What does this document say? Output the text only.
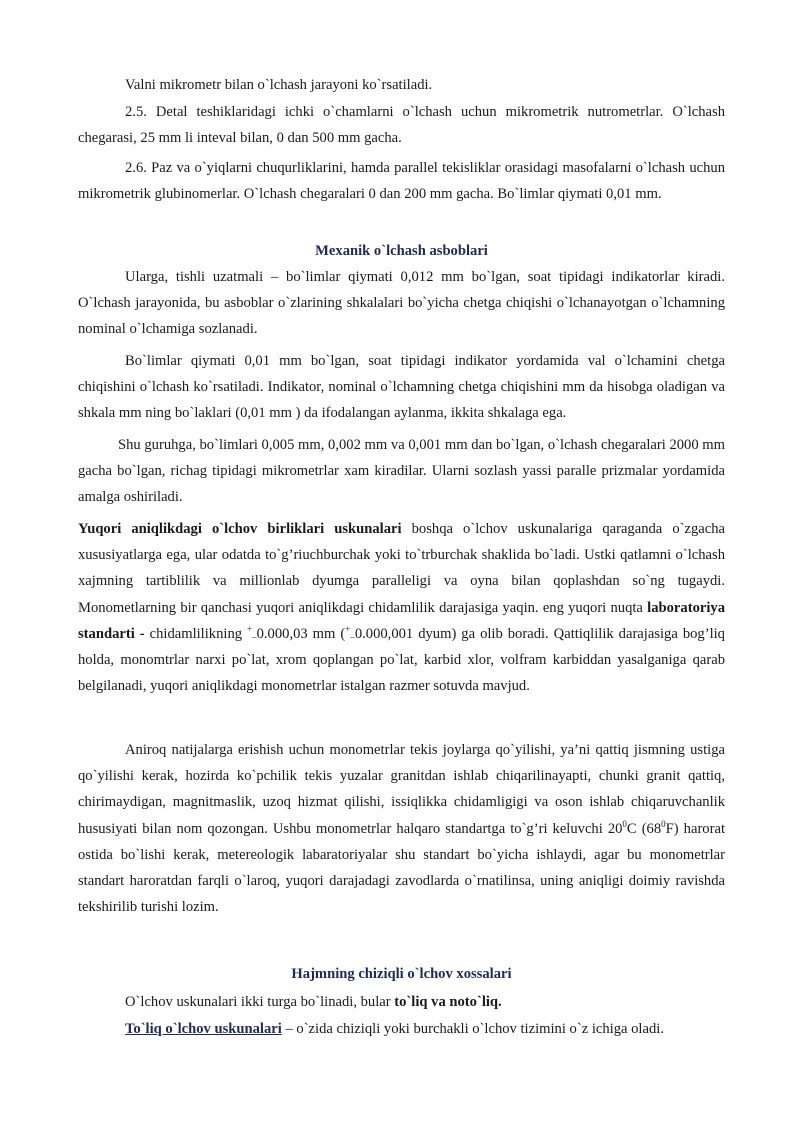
Valni mikrometr bilan o`lchash jarayoni ko`rsatiladi.

2.5. Detal teshiklaridagi ichki o`chamlarni o`lchash uchun mikrometrik nutrometrlar. O`lchash chegarasi, 25 mm li inteval bilan, 0 dan 500 mm gacha.

2.6. Paz va o`yiqlarni chuqurliklarini, hamda parallel tekisliklar orasidagi masofalarni o`lchash uchun mikrometrik glubinomerlar. O`lchash chegaralari 0 dan 200 mm gacha. Bo`limlar qiymati 0,01 mm.

Mexanik o`lchash asboblari

Ularga, tishli uzatmali – bo`limlar qiymati 0,012 mm bo`lgan, soat tipidagi indikatorlar kiradi. O`lchash jarayonida, bu asboblar o`zlarining shkalalari bo`yicha chetga chiqishi o`lchanayotgan o`lchamning nominal o`lchamiga sozlanadi.

Bo`limlar qiymati 0,01 mm bo`lgan, soat tipidagi indikator yordamida val o`lchamini chetga chiqishini o`lchash ko`rsatiladi. Indikator, nominal o`lchamning chetga chiqishini mm da hisobga oladigan va shkala mm ning bo`laklari (0,01 mm ) da ifodalangan aylanma, ikkita shkalaga ega.

Shu guruhga, bo`limlari 0,005 mm, 0,002 mm va 0,001 mm dan bo`lgan, o`lchash chegaralari 2000 mm gacha bo`lgan, richag tipidagi mikrometrlar xam kiradilar. Ularni sozlash yassi paralle prizmalar yordamida amalga oshiriladi.

Yuqori aniqlikdagi o`lchov birliklari uskunalari boshqa o`lchov uskunalariga qaraganda o`zgacha xususiyatlarga ega, ular odatda to`g’riuchburchak yoki to`trburchak shaklida bo`ladi. Ustki qatlamni o`lchash xajmning tartiblilik va millionlab dyumga paralleligi va oyna bilan qoplashdan so`ng tugaydi. Monometlarning bir qanchasi yuqori aniqlikdagi chidamlilik darajasiga yaqin. eng yuqori nuqta laboratoriya standarti - chidamlilikning +$_-$0.000,03 mm ($^+_-0.000,001$ dyum) ga olib boradi. Qattiqlilik darajasiga bog’liq holda, monomtrlar narxi po`lat, xrom qoplangan po`lat, karbid xlor, volfram karbiddan yasalganiga qarab belgilanadi, yuqori aniqlikdagi monometrlar istalgan razmer sotuvda mavjud.

Aniroq natijalarga erishish uchun monometrlar tekis joylarga qo`yilishi, ya’ni qattiq jismning ustiga qo`yilishi kerak, hozirda ko`pchilik tekis yuzalar granitdan ishlab chiqarilinayapti, chunki granit qattiq, chirimaydigan, magnitmaslik, uzoq hizmat qilishi, issiqlikka chidamligigi va oson ishlab chiqaruvchanlik hususiyati bilan nom qozongan. Ushbu monometrlar halqaro standartga to`g’ri keluvchi $20^0C$ $(68^0F)$ harorat ostida bo`lishi kerak, metereologik labaratoriyalar shu standart bo`yicha ishlaydi, agar bu monometrlar standart haroratdan farqli o`laroq, yuqori darajadagi zavodlarda o`rnatilinsa, uning aniqligi doimiy ravishda tekshirilib turishi lozim.

Hajmning chiziqli o`lchov xossalari

O`lchov uskunalari ikki turga bo`linadi, bular to`liq va noto`liq.

To`liq o`lchov uskunalari – o`zida chiziqli yoki burchakli o`lchov tizimini o`z ichiga oladi.
